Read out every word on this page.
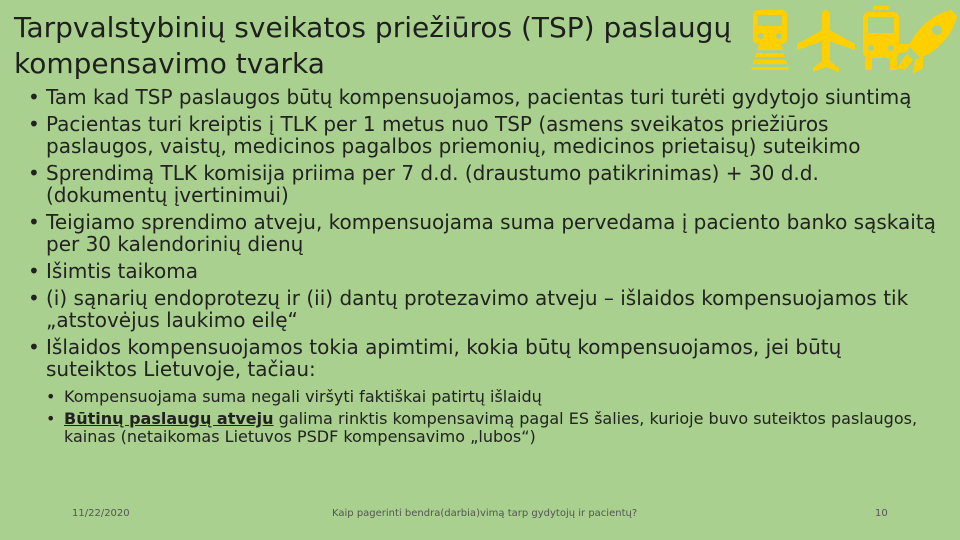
Tarpvalstybinių sveikatos priežiūros (TSP) paslaugų kompensavimo tvarka
• Tam kad TSP paslaugos būtų kompensuojamos, pacientas turi turėti gydytojo siuntimą
• Pacientas turi kreiptis į TLK per 1 metus nuo TSP (asmens sveikatos priežiūros paslaugos, vaistų, medicinos pagalbos priemonių, medicinos prietaisų) suteikimo
• Sprendimą TLK komisija priima per 7 d.d. (draustumo patikrinimas) + 30 d.d. (dokumentų įvertinimui)
• Teigiamo sprendimo atveju, kompensuojama suma pervedama į paciento banko sąskaitą per 30 kalendorinių dienų
• Išimtis taikoma
• (i) sąnarių endoprotezų ir (ii) dantų protezavimo atveju – išlaidos kompensuojamos tik „atstovėjus laukimo eilę“
• Išlaidos kompensuojamos tokia apimtimi, kokia būtų kompensuojamos, jei būtų suteiktos Lietuvoje, tačiau:
• Kompensuojama suma negali viršyti faktiškai patirtų išlaidų
• Būtinų paslaugų atveju galima rinktis kompensavimą pagal ES šalies, kurioje buvo suteiktos paslaugos, kainas (netaikomas Lietuvos PSDF kompensavimo „lubos“)
11/22/2020	Kaip pagerinti bendra(darbia)vimą tarp gydytojų ir pacientų?	10
